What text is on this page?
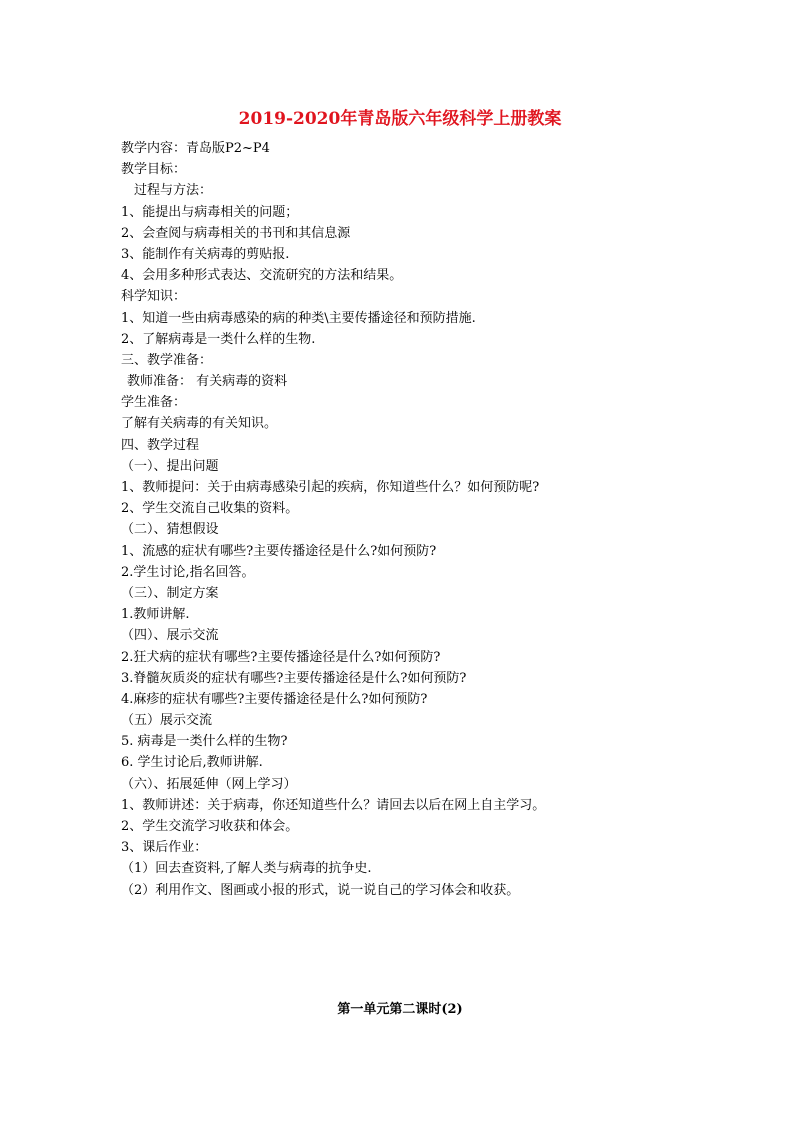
2019-2020年青岛版六年级科学上册教案
教学内容：青岛版P2~P4
教学目标：
过程与方法：
1、能提出与病毒相关的问题；
2、会查阅与病毒相关的书刊和其信息源
3、能制作有关病毒的剪贴报.
4、会用多种形式表达、交流研究的方法和结果。
科学知识：
1、知道一些由病毒感染的病的种类\主要传播途径和预防措施.
2、了解病毒是一类什么样的生物.
三、教学准备：
教师准备： 有关病毒的资料
学生准备：
了解有关病毒的有关知识。
四、教学过程
（一）、提出问题
1、教师提问：关于由病毒感染引起的疾病，你知道些什么？如何预防呢?
2、学生交流自己收集的资料。
（二）、猜想假设
1、流感的症状有哪些?主要传播途径是什么?如何预防?
2.学生讨论,指名回答。
（三）、制定方案
1.教师讲解.
（四）、展示交流
2.狂犬病的症状有哪些?主要传播途径是什么?如何预防?
3.脊髓灰质炎的症状有哪些?主要传播途径是什么?如何预防?
4.麻疹的症状有哪些?主要传播途径是什么?如何预防?
（五）展示交流
5. 病毒是一类什么样的生物?
6. 学生讨论后,教师讲解.
（六）、拓展延伸（网上学习）
1、教师讲述：关于病毒，你还知道些什么？请回去以后在网上自主学习。
2、学生交流学习收获和体会。
3、课后作业：
（1）回去查资料,了解人类与病毒的抗争史.
（2）利用作文、图画或小报的形式，说一说自己的学习体会和收获。
第一单元第二课时(2)
